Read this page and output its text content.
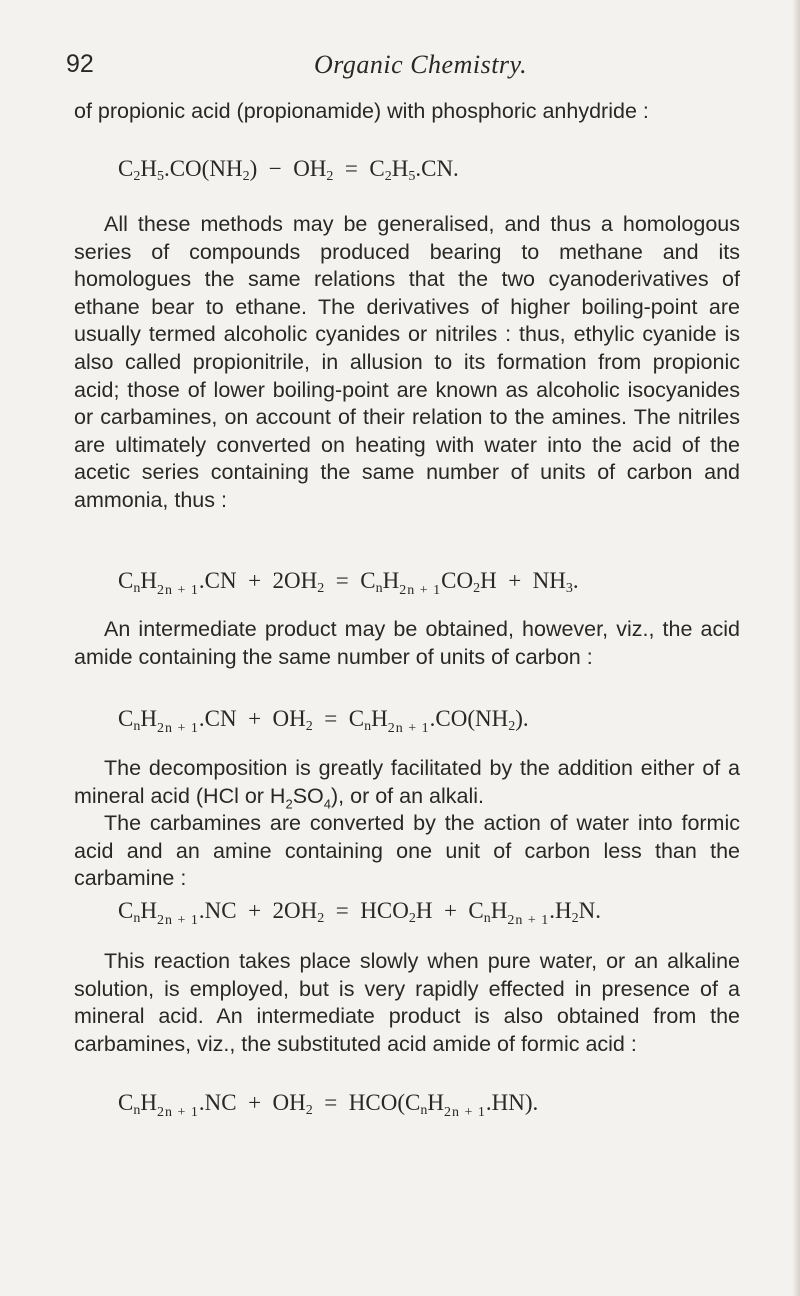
92	Organic Chemistry.

of propionic acid (propionamide) with phosphoric anhydride :

$C_2H_5.CO(NH_2) - OH_2 = C_2H_5.CN$.

All these methods may be generalised, and thus a homologous series of compounds produced bearing to methane and its homologues the same relations that the two cyanoderivatives of ethane bear to ethane. The derivatives of higher boiling-point are usually termed alcoholic cyanides or nitriles : thus, ethylic cyanide is also called propionitrile, in allusion to its formation from propionic acid; those of lower boiling-point are known as alcoholic isocyanides or carbamines, on account of their relation to the amines. The nitriles are ultimately converted on heating with water into the acid of the acetic series containing the same number of units of carbon and ammonia, thus :

$C_nH_{2n + 1}.CN + 2OH_2 = C_nH_{2n + 1}CO_2H + NH_3$.

An intermediate product may be obtained, however, viz., the acid amide containing the same number of units of carbon :

$C_nH_{2n + 1}.CN + OH_2 = C_nH_{2n + 1}.CO(NH_2)$.

The decomposition is greatly facilitated by the addition either of a mineral acid (HCl or $H_2SO_4$), or of an alkali.

The carbamines are converted by the action of water into formic acid and an amine containing one unit of carbon less than the carbamine :

$C_nH_{2n + 1}.NC + 2OH_2 = HCO_2H + C_nH_{2n + 1}.H_2N$.

This reaction takes place slowly when pure water, or an alkaline solution, is employed, but is very rapidly effected in presence of a mineral acid. An intermediate product is also obtained from the carbamines, viz., the substituted acid amide of formic acid :

$C_nH_{2n + 1}.NC + OH_2 = HCO(C_nH_{2n + 1}.HN)$.
